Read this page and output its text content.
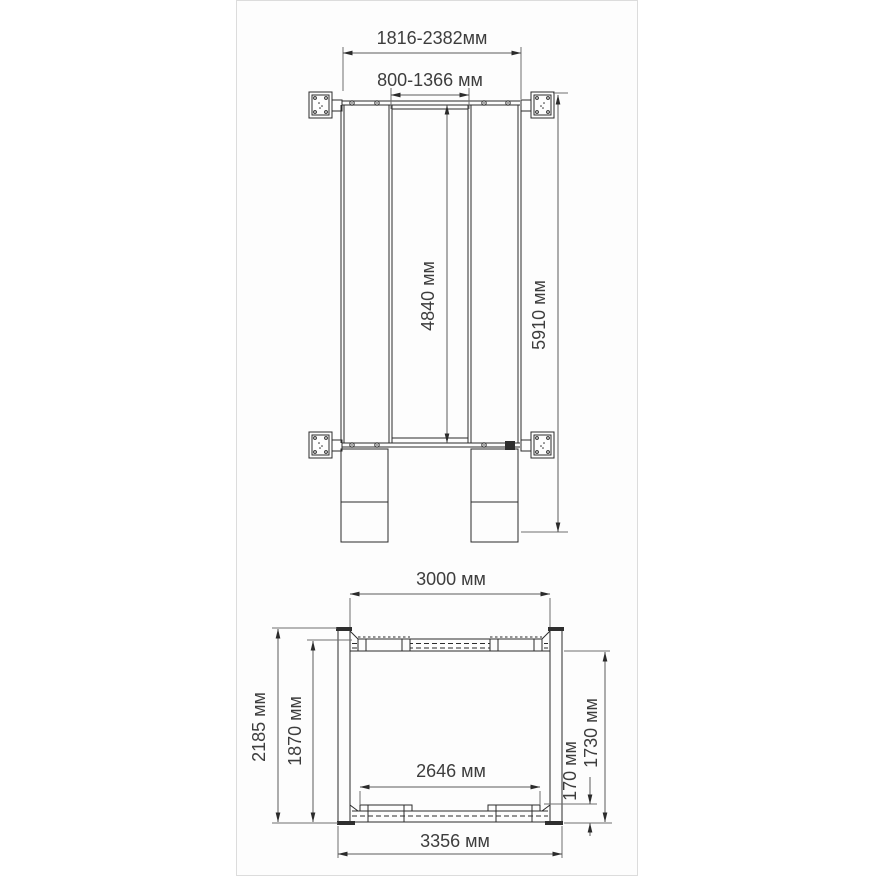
1816-2382мм
800-1366 мм
4840 мм	5910 мм
3000 мм
2185 мм 1870 мм
2646 мм	170 мм
1730 мм
3356 мм
